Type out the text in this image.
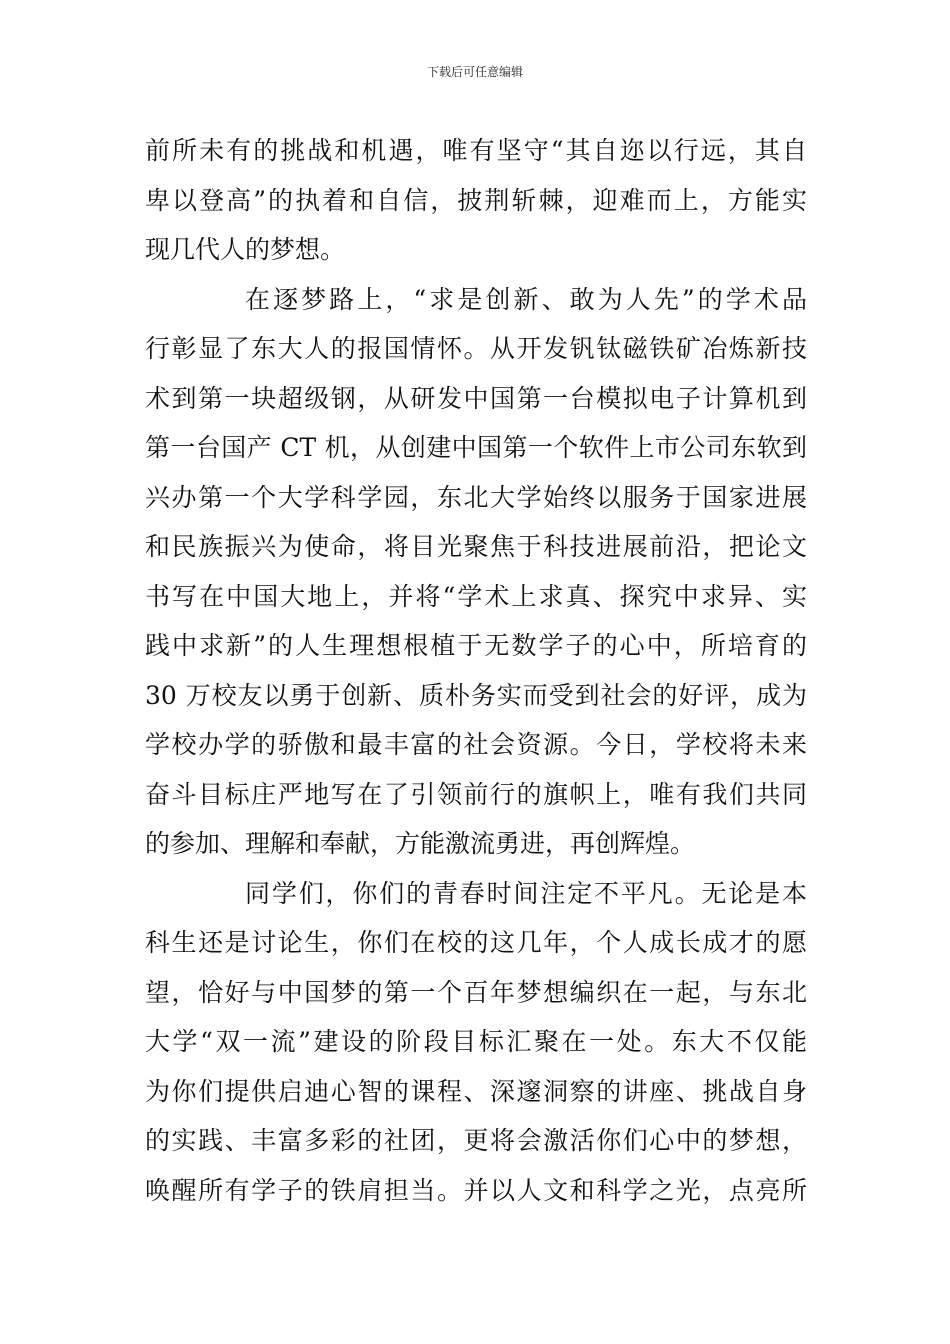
下载后可任意编辑
前所未有的挑战和机遇，唯有坚守“其自迩以行远，其自
卑以登高”的执着和自信，披荆斩棘，迎难而上，方能实
现几代人的梦想。
在逐梦路上，“求是创新、敢为人先”的学术品
行彰显了东大人的报国情怀。从开发钒钛磁铁矿冶炼新技
术到第一块超级钢，从研发中国第一台模拟电子计算机到
第一台国产 CT 机，从创建中国第一个软件上市公司东软到
兴办第一个大学科学园，东北大学始终以服务于国家进展
和民族振兴为使命，将目光聚焦于科技进展前沿，把论文
书写在中国大地上，并将“学术上求真、探究中求异、实
践中求新”的人生理想根植于无数学子的心中，所培育的
30 万校友以勇于创新、质朴务实而受到社会的好评，成为
学校办学的骄傲和最丰富的社会资源。今日，学校将未来
奋斗目标庄严地写在了引领前行的旗帜上，唯有我们共同
的参加、理解和奉献，方能激流勇进，再创辉煌。
同学们，你们的青春时间注定不平凡。无论是本
科生还是讨论生，你们在校的这几年，个人成长成才的愿
望，恰好与中国梦的第一个百年梦想编织在一起，与东北
大学“双一流”建设的阶段目标汇聚在一处。东大不仅能
为你们提供启迪心智的课程、深邃洞察的讲座、挑战自身
的实践、丰富多彩的社团，更将会激活你们心中的梦想，
唤醒所有学子的铁肩担当。并以人文和科学之光，点亮所
